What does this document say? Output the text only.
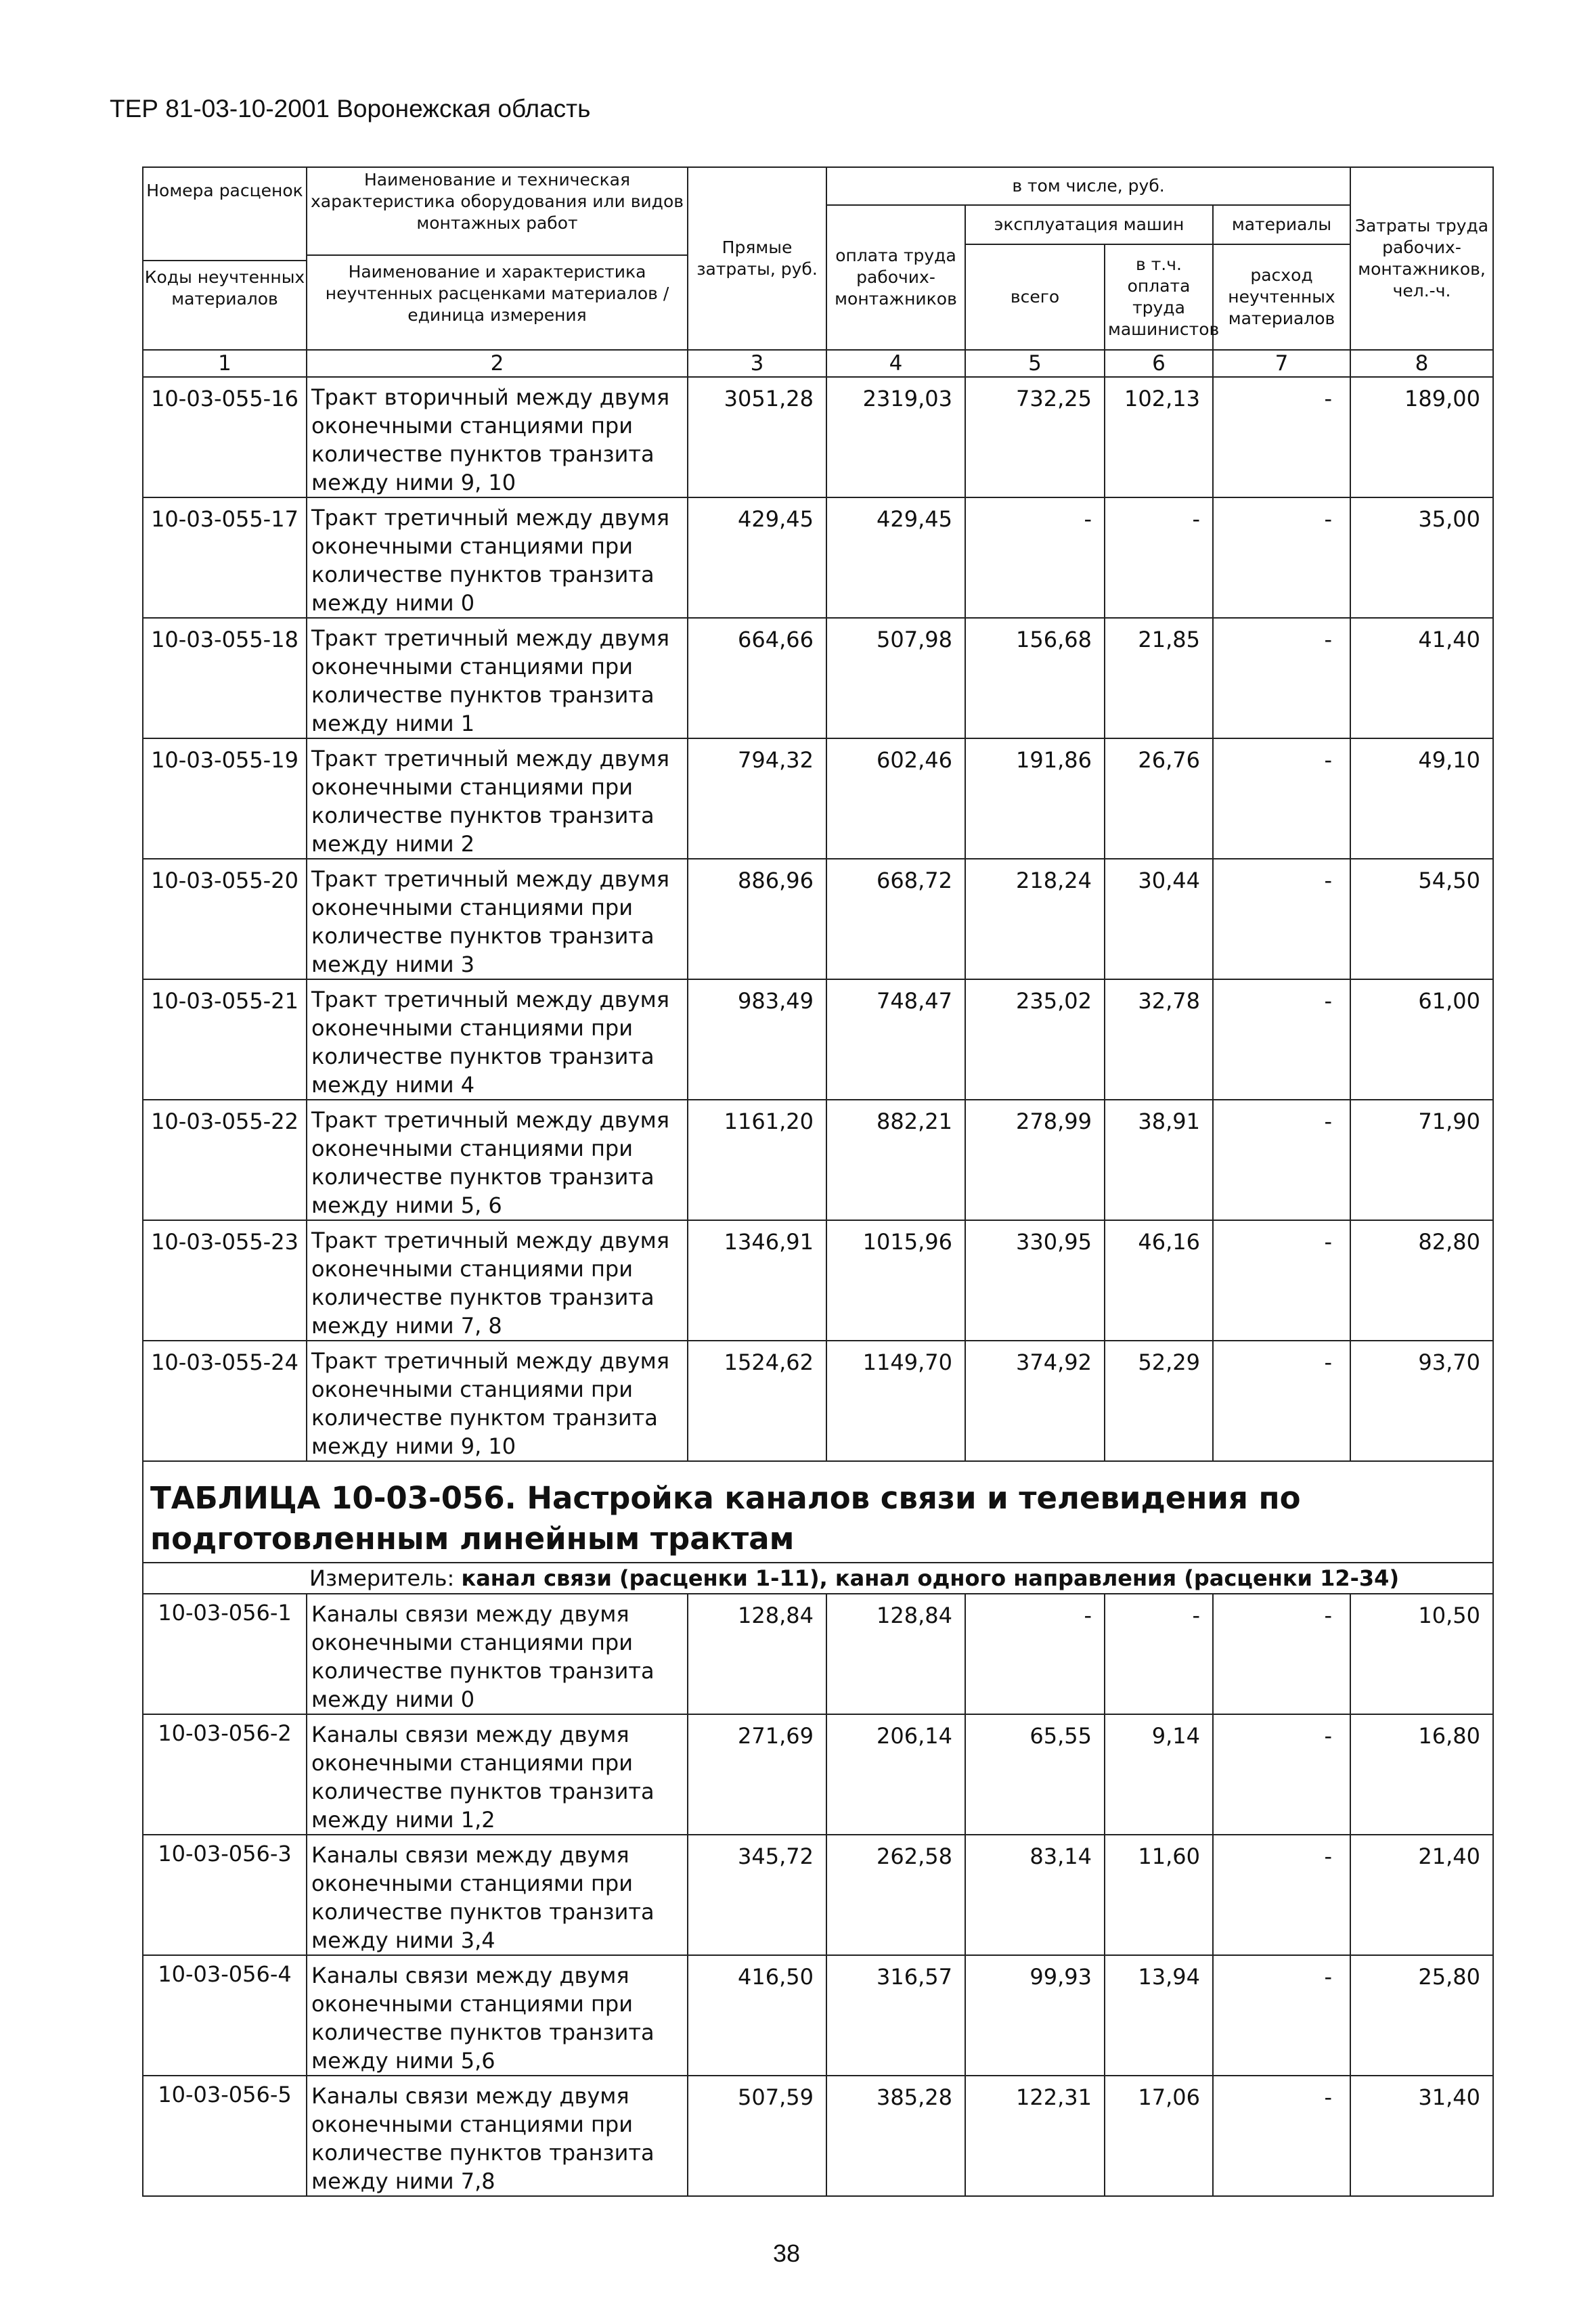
ТЕР 81-03-10-2001 Воронежская область
Номера расценок
Коды неучтенных материалов	Наименование и техническая характеристика оборудования или видов монтажных работ
Наименование и характеристика неучтенных расценками материалов / единица измерения	Прямые затраты, руб.	в том числе, руб.				Затраты труда рабочих-монтажников, чел.-ч.
			оплата труда рабочих-монтажников	эксплуатация машин		материалы	
				всего	в т.ч. оплата труда машинистов	расход неучтенных материалов	
1	2	3	4	5	6	7	8
10-03-055-16	Тракт вторичный между двумя оконечными станциями при количестве пунктов транзита между ними 9, 10	3051,28	2319,03	732,25	102,13	-	189,00
10-03-055-17	Тракт третичный между двумя оконечными станциями при количестве пунктов транзита между ними 0	429,45	429,45	-	-	-	35,00
10-03-055-18	Тракт третичный между двумя оконечными станциями при количестве пунктов транзита между ними 1	664,66	507,98	156,68	21,85	-	41,40
10-03-055-19	Тракт третичный между двумя оконечными станциями при количестве пунктов транзита между ними 2	794,32	602,46	191,86	26,76	-	49,10
10-03-055-20	Тракт третичный между двумя оконечными станциями при количестве пунктов транзита между ними 3	886,96	668,72	218,24	30,44	-	54,50
10-03-055-21	Тракт третичный между двумя оконечными станциями при количестве пунктов транзита между ними 4	983,49	748,47	235,02	32,78	-	61,00
10-03-055-22	Тракт третичный между двумя оконечными станциями при количестве пунктов транзита между ними 5, 6	1161,20	882,21	278,99	38,91	-	71,90
10-03-055-23	Тракт третичный между двумя оконечными станциями при количестве пунктов транзита между ними 7, 8	1346,91	1015,96	330,95	46,16	-	82,80
10-03-055-24	Тракт третичный между двумя оконечными станциями при количестве пунктом транзита между ними 9, 10	1524,62	1149,70	374,92	52,29	-	93,70
ТАБЛИЦА 10-03-056. Настройка каналов связи и телевидения по подготовленным линейным трактам							
Измеритель: канал связи (расценки 1-11), канал одного направления (расценки 12-34)							
10-03-056-1	Каналы связи между двумя оконечными станциями при количестве пунктов транзита между ними 0	128,84	128,84	-	-	-	10,50
10-03-056-2	Каналы связи между двумя оконечными станциями при количестве пунктов транзита между ними 1,2	271,69	206,14	65,55	9,14	-	16,80
10-03-056-3	Каналы связи между двумя оконечными станциями при количестве пунктов транзита между ними 3,4	345,72	262,58	83,14	11,60	-	21,40
10-03-056-4	Каналы связи между двумя оконечными станциями при количестве пунктов транзита между ними 5,6	416,50	316,57	99,93	13,94	-	25,80
10-03-056-5	Каналы связи между двумя оконечными станциями при количестве пунктов транзита между ними 7,8	507,59	385,28	122,31	17,06	-	31,40
38
